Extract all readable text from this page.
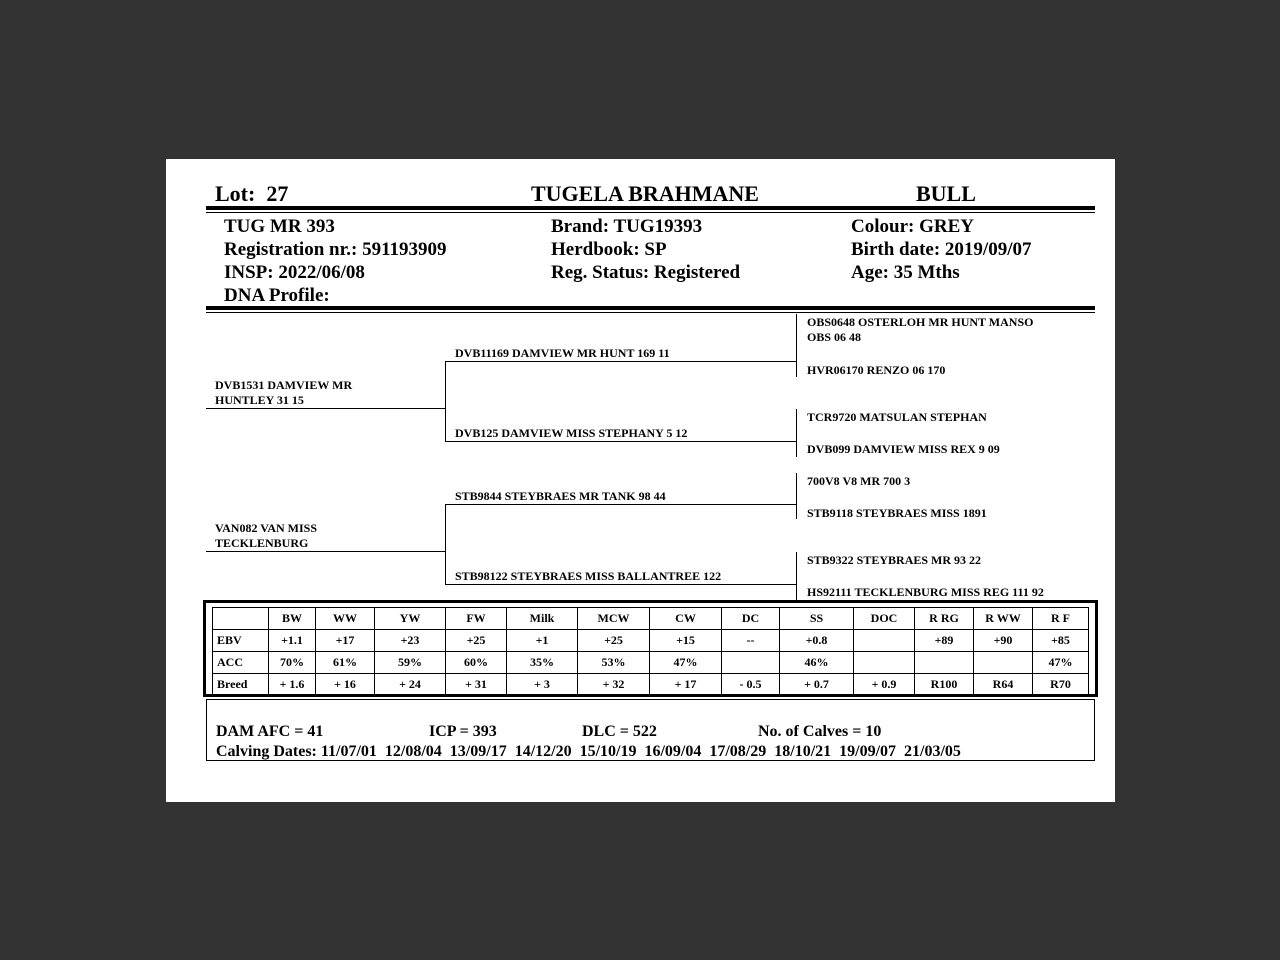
Lot: 27	TUGELA BRAHMANE	BULL
TUG MR 393
Registration nr.: 591193909
INSP: 2022/06/08
DNA Profile:
Brand: TUG19393
Herdbook: SP
Reg. Status: Registered
Colour: GREY
Birth date: 2019/09/07
Age: 35 Mths
DVB1531 DAMVIEW MR
HUNTLEY 31 15
VAN082 VAN MISS
TECKLENBURG
DVB11169 DAMVIEW MR HUNT 169 11
DVB125 DAMVIEW MISS STEPHANY 5 12
STB9844 STEYBRAES MR TANK 98 44
STB98122 STEYBRAES MISS BALLANTREE 122
OBS0648 OSTERLOH MR HUNT MANSO
OBS 06 48
HVR06170 RENZO 06 170
TCR9720 MATSULAN STEPHAN
DVB099 DAMVIEW MISS REX 9 09
700V8 V8 MR 700 3
STB9118 STEYBRAES MISS 1891
STB9322 STEYBRAES MR 93 22
HS92111 TECKLENBURG MISS REG 111 92
	BW	WW	YW	FW	Milk	MCW	CW	DC	SS	DOC	R RG	R WW	R F
EBV	+1.1	+17	+23	+25	+1	+25	+15	--	+0.8		+89	+90	+85
ACC	70%	61%	59%	60%	35%	53%	47%		46%				47%
Breed	+ 1.6	+ 16	+ 24	+ 31	+ 3	+ 32	+ 17	- 0.5	+ 0.7	+ 0.9	R100	R64	R70
DAM AFC = 41	ICP = 393	DLC = 522	No. of Calves = 10
Calving Dates: 11/07/01 12/08/04 13/09/17 14/12/20 15/10/19 16/09/04 17/08/29 18/10/21 19/09/07 21/03/05
